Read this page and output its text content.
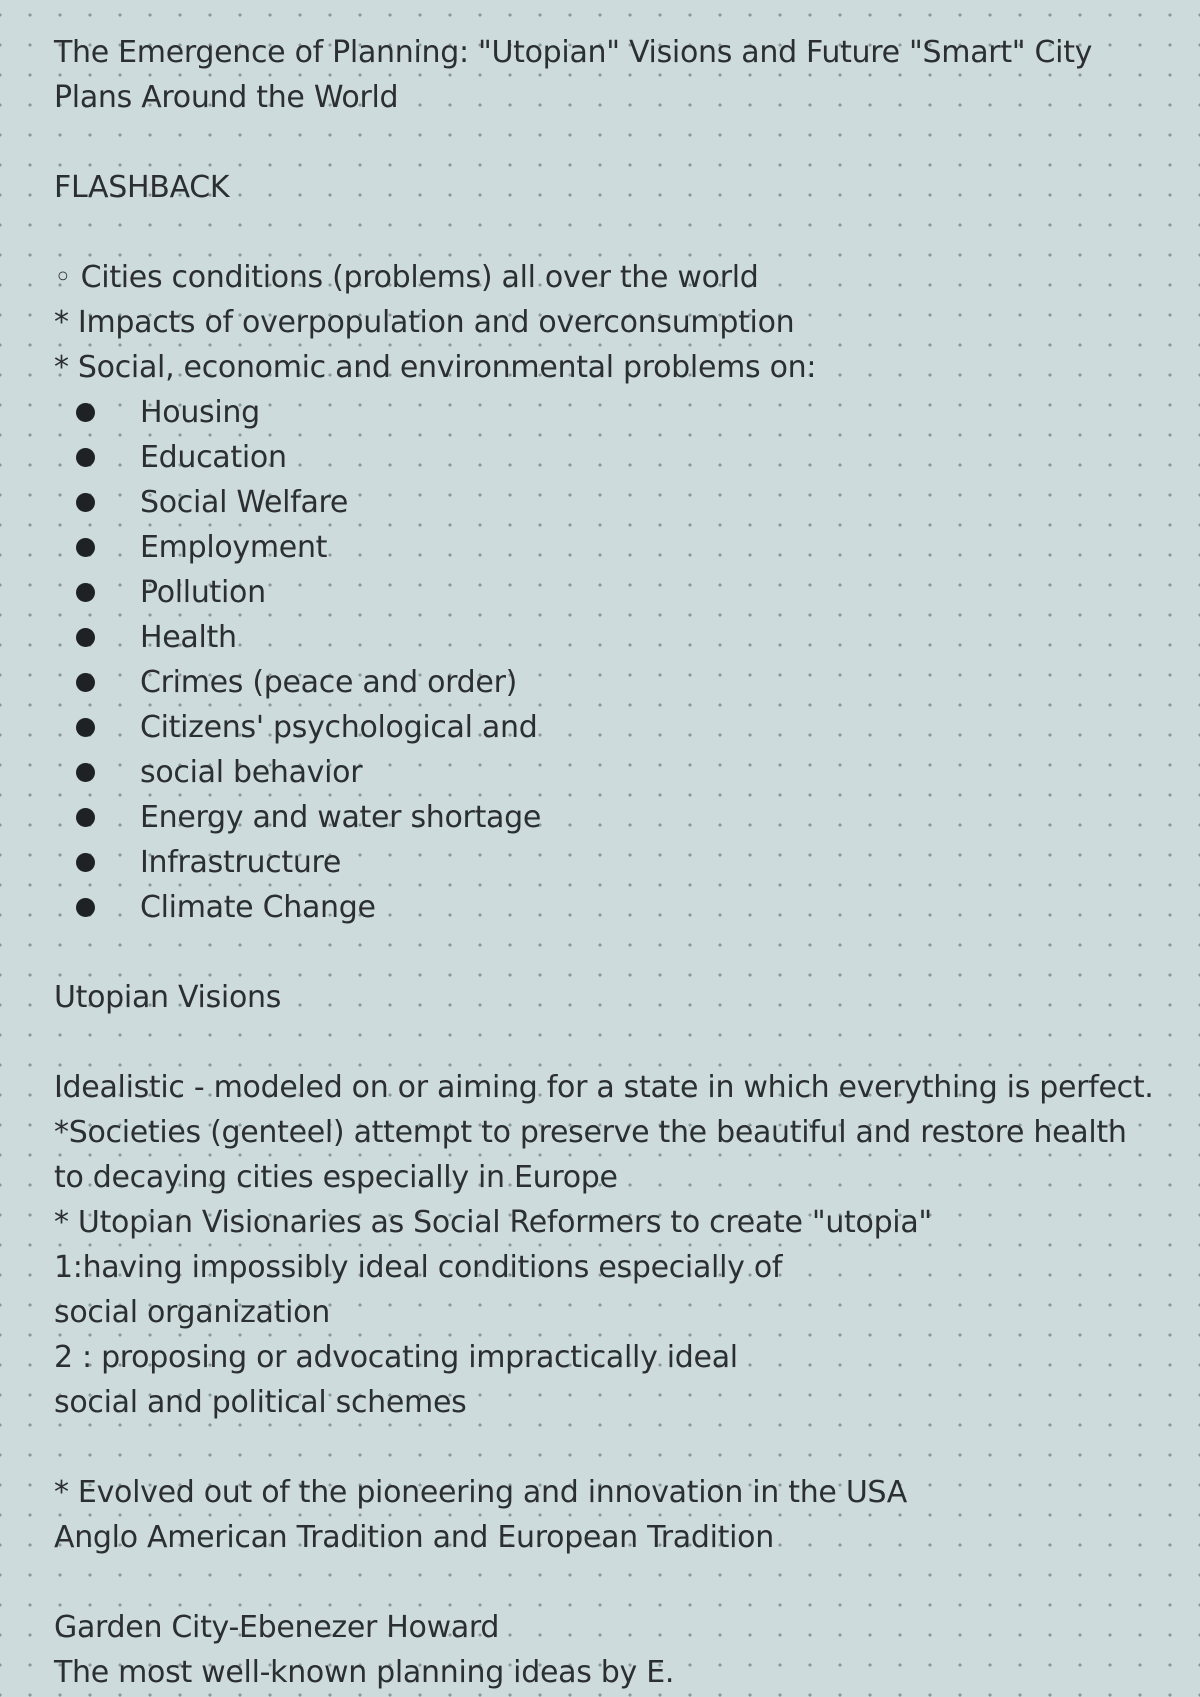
The Emergence of Planning: "Utopian" Visions and Future "Smart" City
Plans Around the World
FLASHBACK
◦ Cities conditions (problems) all over the world
* Impacts of overpopulation and overconsumption
* Social, economic and environmental problems on:
Housing
Education
Social Welfare
Employment
Pollution
Health
Crimes (peace and order)
Citizens' psychological and
social behavior
Energy and water shortage
Infrastructure
Climate Change
Utopian Visions
Idealistic - modeled on or aiming for a state in which everything is perfect.
*Societies (genteel) attempt to preserve the beautiful and restore health
to decaying cities especially in Europe
* Utopian Visionaries as Social Reformers to create "utopia"
1:having impossibly ideal conditions especially of
social organization
2 : proposing or advocating impractically ideal
social and political schemes
* Evolved out of the pioneering and innovation in the USA
Anglo American Tradition and European Tradition
Garden City-Ebenezer Howard
The most well-known planning ideas by E.
